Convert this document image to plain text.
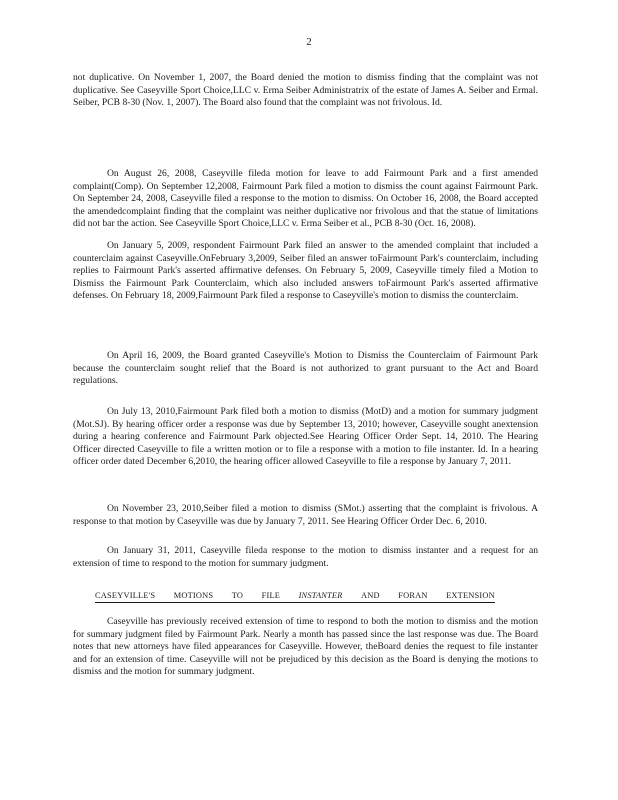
2

not duplicative. On November 1, 2007, the Board denied the motion to dismiss finding that the complaint was not duplicative. See Caseyville Sport Choice,LLC v. Erma Seiber Administratrix of the estate of James A. Seiber and Ermal. Seiber, PCB 8-30 (Nov. 1, 2007). The Board also found that the complaint was not frivolous. Id.

On August 26, 2008, Caseyville fileda motion for leave to add Fairmount Park and a first amended complaint(Comp). On September 12,2008, Fairmount Park filed a motion to dismiss the count against Fairmount Park. On September 24, 2008, Caseyville filed a response to the motion to dismiss. On October 16, 2008, the Board accepted the amendedcomplaint finding that the complaint was neither duplicative nor frivolous and that the statue of limitations did not bar the action. See Caseyville Sport Choice,LLC v. Erma Seiber et al., PCB 8-30 (Oct. 16, 2008).

On January 5, 2009, respondent Fairmount Park filed an answer to the amended complaint that included a counterclaim against Caseyville.OnFebruary 3,2009, Seiber filed an answer toFairmount Park's counterclaim, including replies to Fairmount Park's asserted affirmative defenses. On February 5, 2009, Caseyville timely filed a Motion to Dismiss the Fairmount Park Counterclaim, which also included answers toFairmount Park's asserted affirmative defenses. On February 18, 2009,Fairmount Park filed a response to Caseyville's motion to dismiss the counterclaim.

On April 16, 2009, the Board granted Caseyville's Motion to Dismiss the Counterclaim of Fairmount Park because the counterclaim sought relief that the Board is not authorized to grant pursuant to the Act and Board regulations.

On July 13, 2010,Fairmount Park filed both a motion to dismiss (MotD) and a motion for summary judgment (Mot.SJ). By hearing officer order a response was due by September 13, 2010; however, Caseyville sought anextension during a hearing conference and Fairmount Park objected.See Hearing Officer Order Sept. 14, 2010. The Hearing Officer directed Caseyville to file a written motion or to file a response with a motion to file instanter. Id. In a hearing officer order dated December 6,2010, the hearing officer allowed Caseyville to file a response by January 7, 2011.

On November 23, 2010,Seiber filed a motion to dismiss (SMot.) asserting that the complaint is frivolous. A response to that motion by Caseyville was due by January 7, 2011. See Hearing Officer Order Dec. 6, 2010.

On January 31, 2011, Caseyville fileda response to the motion to dismiss instanter and a request for an extension of time to respond to the motion for summary judgment.

CASEYVILLE'S MOTIONS TO FILE INSTANTER AND FORAN EXTENSION

Caseyville has previously received extension of time to respond to both the motion to dismiss and the motion for summary judgment filed by Fairmount Park. Nearly a month has passed since the last response was due. The Board notes that new attorneys have filed appearances for Caseyville. However, theBoard denies the request to file instanter and for an extension of time. Caseyville will not be prejudiced by this decision as the Board is denying the motions to dismiss and the motion for summary judgment.
